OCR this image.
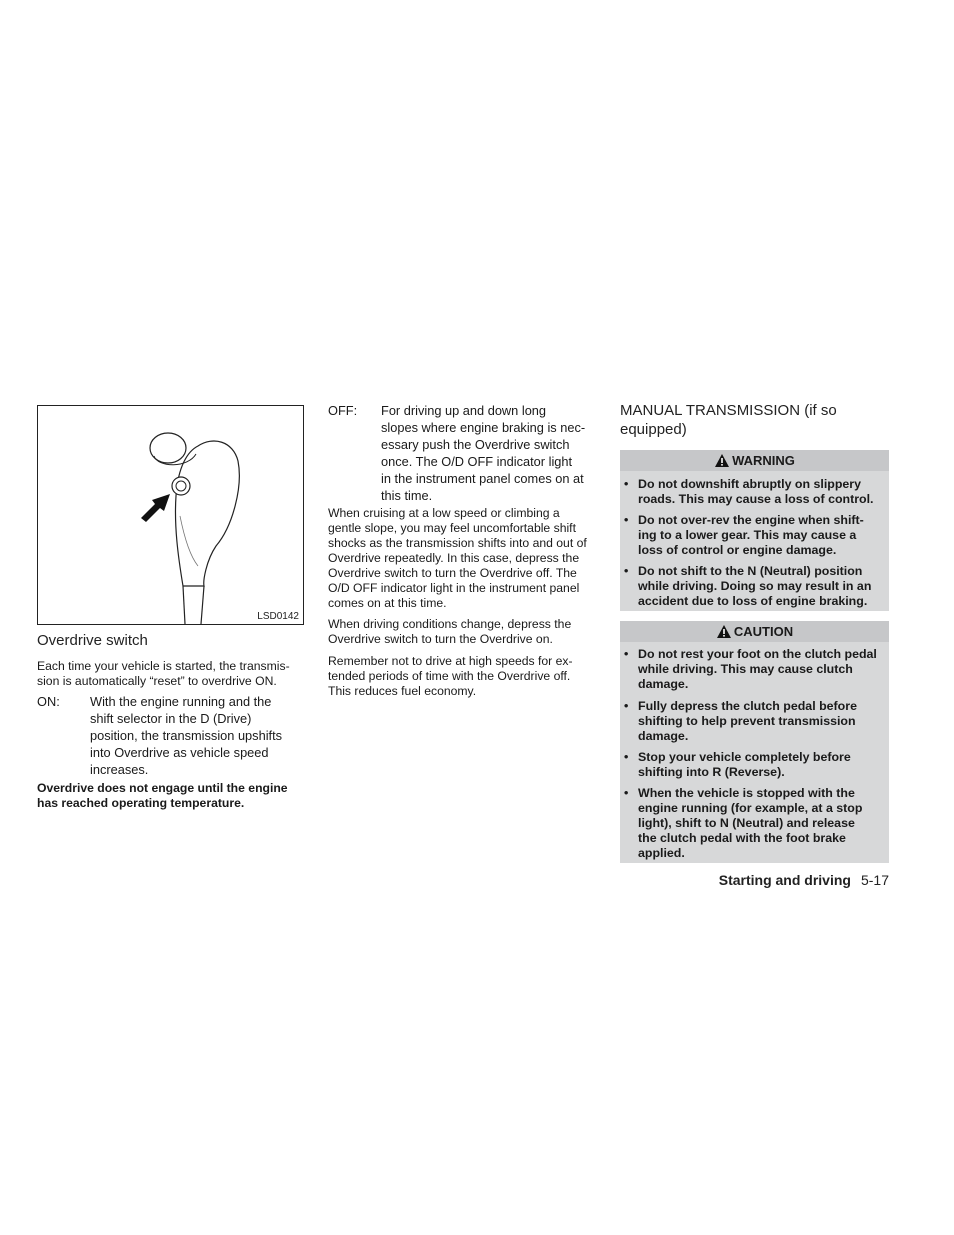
LSD0142
Overdrive switch
Each time your vehicle is started, the transmis-
sion is automatically “reset” to overdrive ON.
ON: With the engine running and the
shift selector in the D (Drive)
position, the transmission upshifts
into Overdrive as vehicle speed
increases.
Overdrive does not engage until the engine
has reached operating temperature.
OFF: For driving up and down long
slopes where engine braking is nec-
essary push the Overdrive switch
once. The O/D OFF indicator light
in the instrument panel comes on at
this time.
When cruising at a low speed or climbing a
gentle slope, you may feel uncomfortable shift
shocks as the transmission shifts into and out of
Overdrive repeatedly. In this case, depress the
Overdrive switch to turn the Overdrive off. The
O/D OFF indicator light in the instrument panel
comes on at this time.
When driving conditions change, depress the
Overdrive switch to turn the Overdrive on.
Remember not to drive at high speeds for ex-
tended periods of time with the Overdrive off.
This reduces fuel economy.
MANUAL TRANSMISSION (if so
equipped)
WARNING
• Do not downshift abruptly on slippery
roads. This may cause a loss of control.
• Do not over-rev the engine when shift-
ing to a lower gear. This may cause a
loss of control or engine damage.
• Do not shift to the N (Neutral) position
while driving. Doing so may result in an
accident due to loss of engine braking.
CAUTION
• Do not rest your foot on the clutch pedal
while driving. This may cause clutch
damage.
• Fully depress the clutch pedal before
shifting to help prevent transmission
damage.
• Stop your vehicle completely before
shifting into R (Reverse).
• When the vehicle is stopped with the
engine running (for example, at a stop
light), shift to N (Neutral) and release
the clutch pedal with the foot brake
applied.
Starting and driving 5-17
